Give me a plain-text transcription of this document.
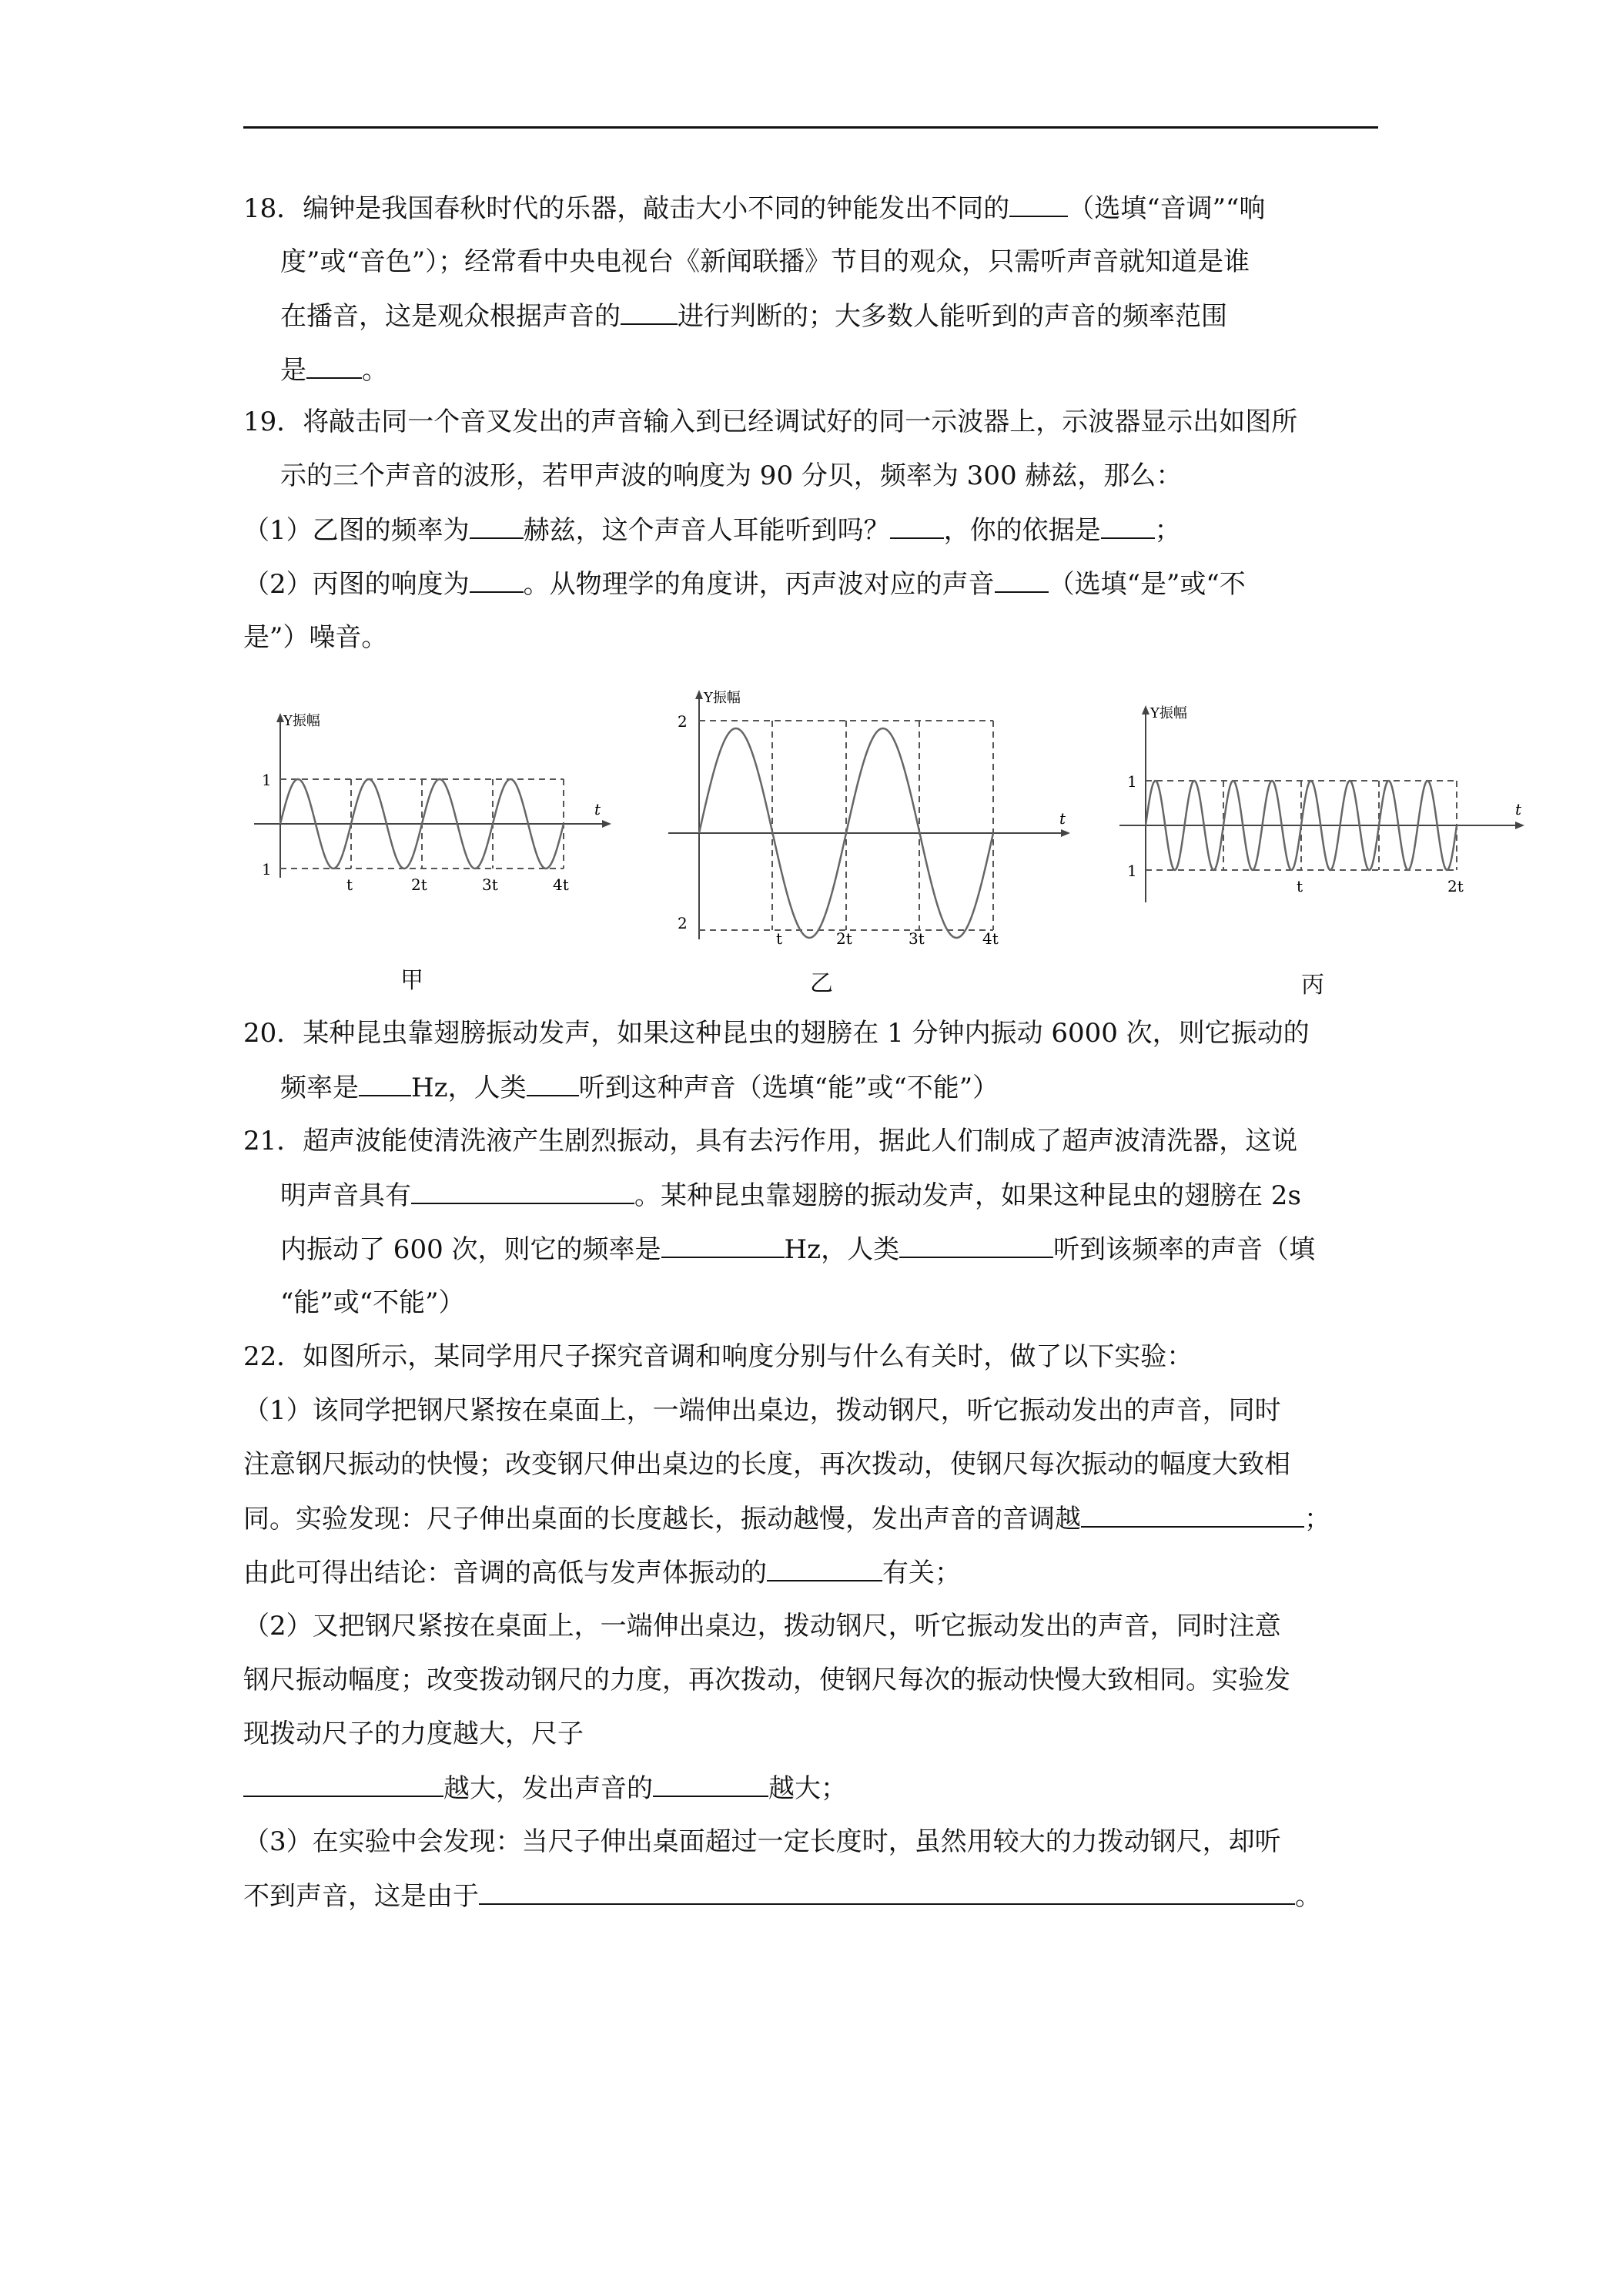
18．编钟是我国春秋时代的乐器，敲击大小不同的钟能发出不同的 （选填“音调”“响
度”或“音色”）；经常看中央电视台《新闻联播》节目的观众，只需听声音就知道是谁
在播音，这是观众根据声音的 进行判断的；大多数人能听到的声音的频率范围
是 。
19．将敲击同一个音叉发出的声音输入到已经调试好的同一示波器上，示波器显示出如图所
示的三个声音的波形，若甲声波的响度为 90 分贝，频率为 300 赫兹，那么：
（1）乙图的频率为 赫兹，这个声音人耳能听到吗？ ，你的依据是 ；
（2）丙图的响度为 。从物理学的角度讲，丙声波对应的声音 （选填“是”或“不
是”）噪音。
Y振幅
1
1
t
t	2t	3t	4t
甲
Y振幅
2
2
t
t	2t	3t	4t
乙
Y振幅
1
1
t
t	2t
丙
20．某种昆虫靠翅膀振动发声，如果这种昆虫的翅膀在 1 分钟内振动 6000 次，则它振动的
频率是 Hz，人类 听到这种声音（选填“能”或“不能”）
21．超声波能使清洗液产生剧烈振动，具有去污作用，据此人们制成了超声波清洗器，这说
明声音具有	。某种昆虫靠翅膀的振动发声，如果这种昆虫的翅膀在 2s
内振动了 600 次，则它的频率是	Hz，人类	听到该频率的声音（填
“能”或“不能”）
22．如图所示，某同学用尺子探究音调和响度分别与什么有关时，做了以下实验：
（1）该同学把钢尺紧按在桌面上，一端伸出桌边，拨动钢尺，听它振动发出的声音，同时
注意钢尺振动的快慢；改变钢尺伸出桌边的长度，再次拨动，使钢尺每次振动的幅度大致相
同。实验发现：尺子伸出桌面的长度越长，振动越慢，发出声音的音调越	；
由此可得出结论：音调的高低与发声体振动的	有关；
（2）又把钢尺紧按在桌面上，一端伸出桌边，拨动钢尺，听它振动发出的声音，同时注意
钢尺振动幅度；改变拨动钢尺的力度，再次拨动，使钢尺每次的振动快慢大致相同。实验发
现拨动尺子的力度越大，尺子
越大，发出声音的	越大；
（3）在实验中会发现：当尺子伸出桌面超过一定长度时，虽然用较大的力拨动钢尺，却听
不到声音，这是由于	。
